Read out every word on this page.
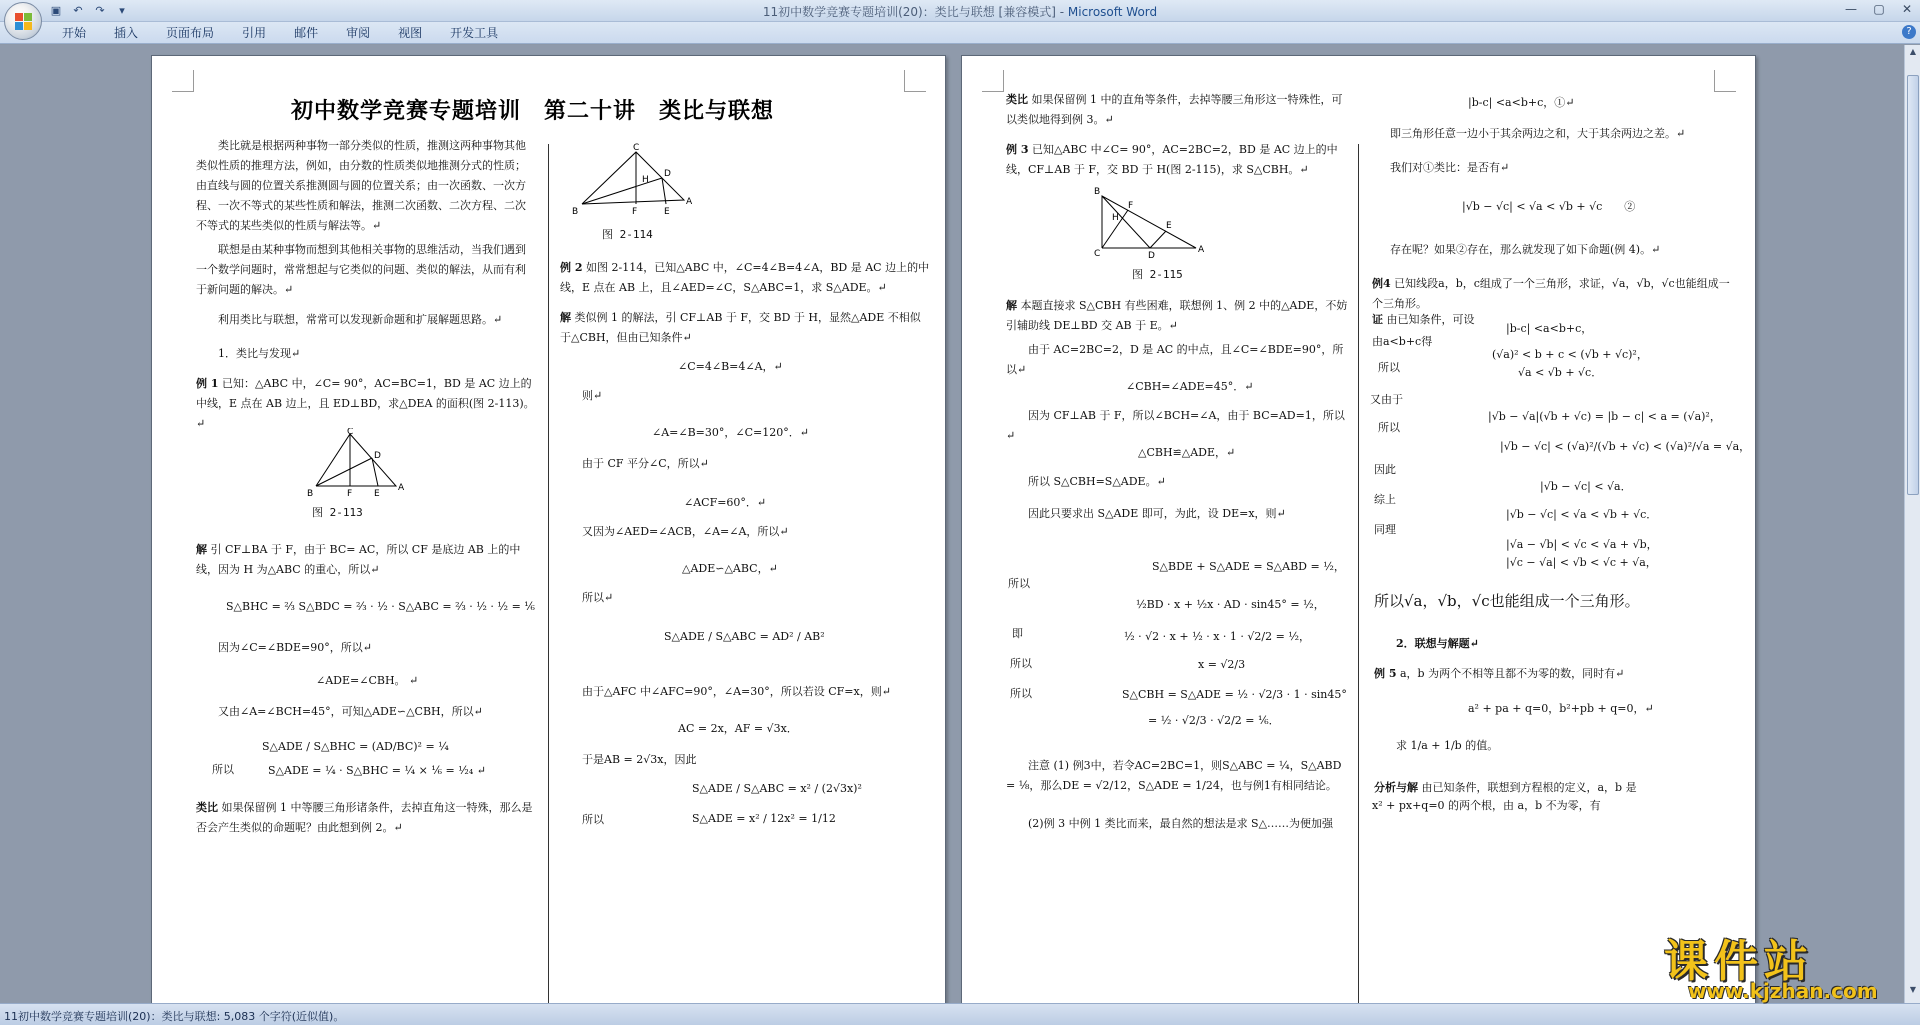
▣	↶	↷	▾	11初中数学竞赛专题培训(20)：类比与联想 [兼容模式] - Microsoft Word	— ▢ ✕
开始	插入	页面布局	引用	邮件	审阅	视图	开发工具	?
初中数学竞赛专题培训　第二十讲　类比与联想
　　类比就是根据两种事物一部分类似的性质，推测这两种事物其他类似性质的推理方法，例如，由分数的性质类似地推测分式的性质；由直线与圆的位置关系推测圆与圆的位置关系；由一次函数、一次方程、一次不等式的某些性质和解法，推测二次函数、二次方程、二次不等式的某些类似的性质与解法等。↵
　　联想是由某种事物而想到其他相关事物的思维活动，当我们遇到一个数学问题时，常常想起与它类似的问题、类似的解法，从而有利于新问题的解决。↵
　　利用类比与联想，常常可以发现新命题和扩展解题思路。↵
　　1．类比与发现↵
例 1 已知：△ABC 中，∠C= 90°，AC=BC=1，BD 是 AC 边上的中线，E 点在 AB 边上，且 ED⊥BD，求△DEA 的面积(图 2-113)。↵
C
D
B	F E
A
图 2-113
解 引 CF⊥BA 于 F，由于 BC= AC，所以 CF 是底边 AB 上的中线，因为 H 为△ABC 的重心，所以↵
S△BHC = ²⁄₃ S△BDC = ²⁄₃ · ½ · S△ABC = ²⁄₃ · ½ · ½ = ⅙
　　因为∠C=∠BDE=90°，所以↵
∠ADE=∠CBH。 ↵
　　又由∠A=∠BCH=45°，可知△ADE∽△CBH，所以↵
S△ADE / S△BHC = (AD/BC)² = ¼
所以	S△ADE = ¼ · S△BHC = ¼ × ⅙ = ¹⁄₂₄ ↵
类比 如果保留例 1 中等腰三角形诸条件，去掉直角这一特殊，那么是否会产生类似的命题呢？由此想到例 2。↵
C
H
D
B	F	E
A
图 2-114
例 2 如图 2-114，已知△ABC 中，∠C=4∠B=4∠A，BD 是 AC 边上的中线，E 点在 AB 上，且∠AED=∠C，S△ABC=1，求 S△ADE。↵
解 类似例 1 的解法，引 CF⊥AB 于 F，交 BD 于 H，显然△ADE 不相似于△CBH，但由已知条件↵
∠C=4∠B=4∠A，↵
　　则↵
∠A=∠B=30°，∠C=120°．↵
　　由于 CF 平分∠C，所以↵
∠ACF=60°．↵
　　又因为∠AED=∠ACB，∠A=∠A，所以↵
△ADE∽△ABC，↵
　　所以↵
S△ADE / S△ABC = AD² / AB²
　　由于△AFC 中∠AFC=90°，∠A=30°，所以若设 CF=x，则↵
AC = 2x，AF = √3x．
　　于是AB = 2√3x，因此
S△ADE / S△ABC = x² / (2√3x)²
　　所以	S△ADE = x² / 12x² = 1/12
类比 如果保留例 1 中的直角等条件，去掉等腰三角形这一特殊性，可以类似地得到例 3。↵
例 3 已知△ABC 中∠C= 90°，AC=2BC=2，BD 是 AC 边上的中线，CF⊥AB 于 F，交 BD 于 H(图 2-115)，求 S△CBH。↵
B
F
H
E
C	D
A
图 2-115
解 本题直接求 S△CBH 有些困难，联想例 1、例 2 中的△ADE，不妨引辅助线 DE⊥BD 交 AB 于 E。↵
　　由于 AC=2BC=2，D 是 AC 的中点，且∠C=∠BDE=90°，所以↵
∠CBH=∠ADE=45°．↵
　　因为 CF⊥AB 于 F，所以∠BCH=∠A，由于 BC=AD=1，所以↵
△CBH≌△ADE，↵
　　所以 S△CBH=S△ADE。↵
　　因此只要求出 S△ADE 即可，为此，设 DE=x，则↵
S△BDE + S△ADE = S△ABD = ½，
所以
½BD · x + ½x · AD · sin45° = ½，
即	½ · √2 · x + ½ · x · 1 · √2/2 = ½，
所以	x = √2/3
所以	S△CBH = S△ADE = ½ · √2/3 · 1 · sin45°
= ½ · √2/3 · √2/2 = ⅙．
　　注意 (1) 例3中，若令AC=2BC=1，则S△ABC = ¼，S△ABD = ⅛，那么DE = √2/12，S△ADE = 1/24，也与例1有相同结论。
　　(2)例 3 中例 1 类比而来，最自然的想法是求 S△……为便加强
|b-c| <a<b+c，①↵
　　即三角形任意一边小于其余两边之和，大于其余两边之差。↵
　　我们对①类比：是否有↵
|√b − √c| < √a < √b + √c　　②
　　存在呢？如果②存在，那么就发现了如下命题(例 4)。↵
例4 已知线段a，b，c组成了一个三角形，求证，√a，√b，√c也能组成一个三角形。
证 由已知条件，可设
|b-c| <a<b+c，
由a<b+c得
(√a)² < b + c < (√b + √c)²，
所以	√a < √b + √c．
又由于
|√b − √a|(√b + √c) = |b − c| < a = (√a)²，
所以
|√b − √c| < (√a)²/(√b + √c) < (√a)²/√a = √a，
因此
|√b − √c| < √a．
综上
|√b − √c| < √a < √b + √c．
同理
|√a − √b| < √c < √a + √b，
|√c − √a| < √b < √c + √a，
所以√a，√b，√c也能组成一个三角形。
　　2．联想与解题↵
例 5 a，b 为两个不相等且都不为零的数，同时有↵
a² + pa + q=0，b²+pb + q=0，↵
　　求 1/a + 1/b 的值。
分析与解 由已知条件，联想到方程根的定义，a，b 是
x² + px+q=0 的两个根，由 a，b 不为零，有
▲
▼
11初中数学竞赛专题培训(20)：类比与联想: 5,083 个字符(近似值)。
课件站
www.kjzhan.com
